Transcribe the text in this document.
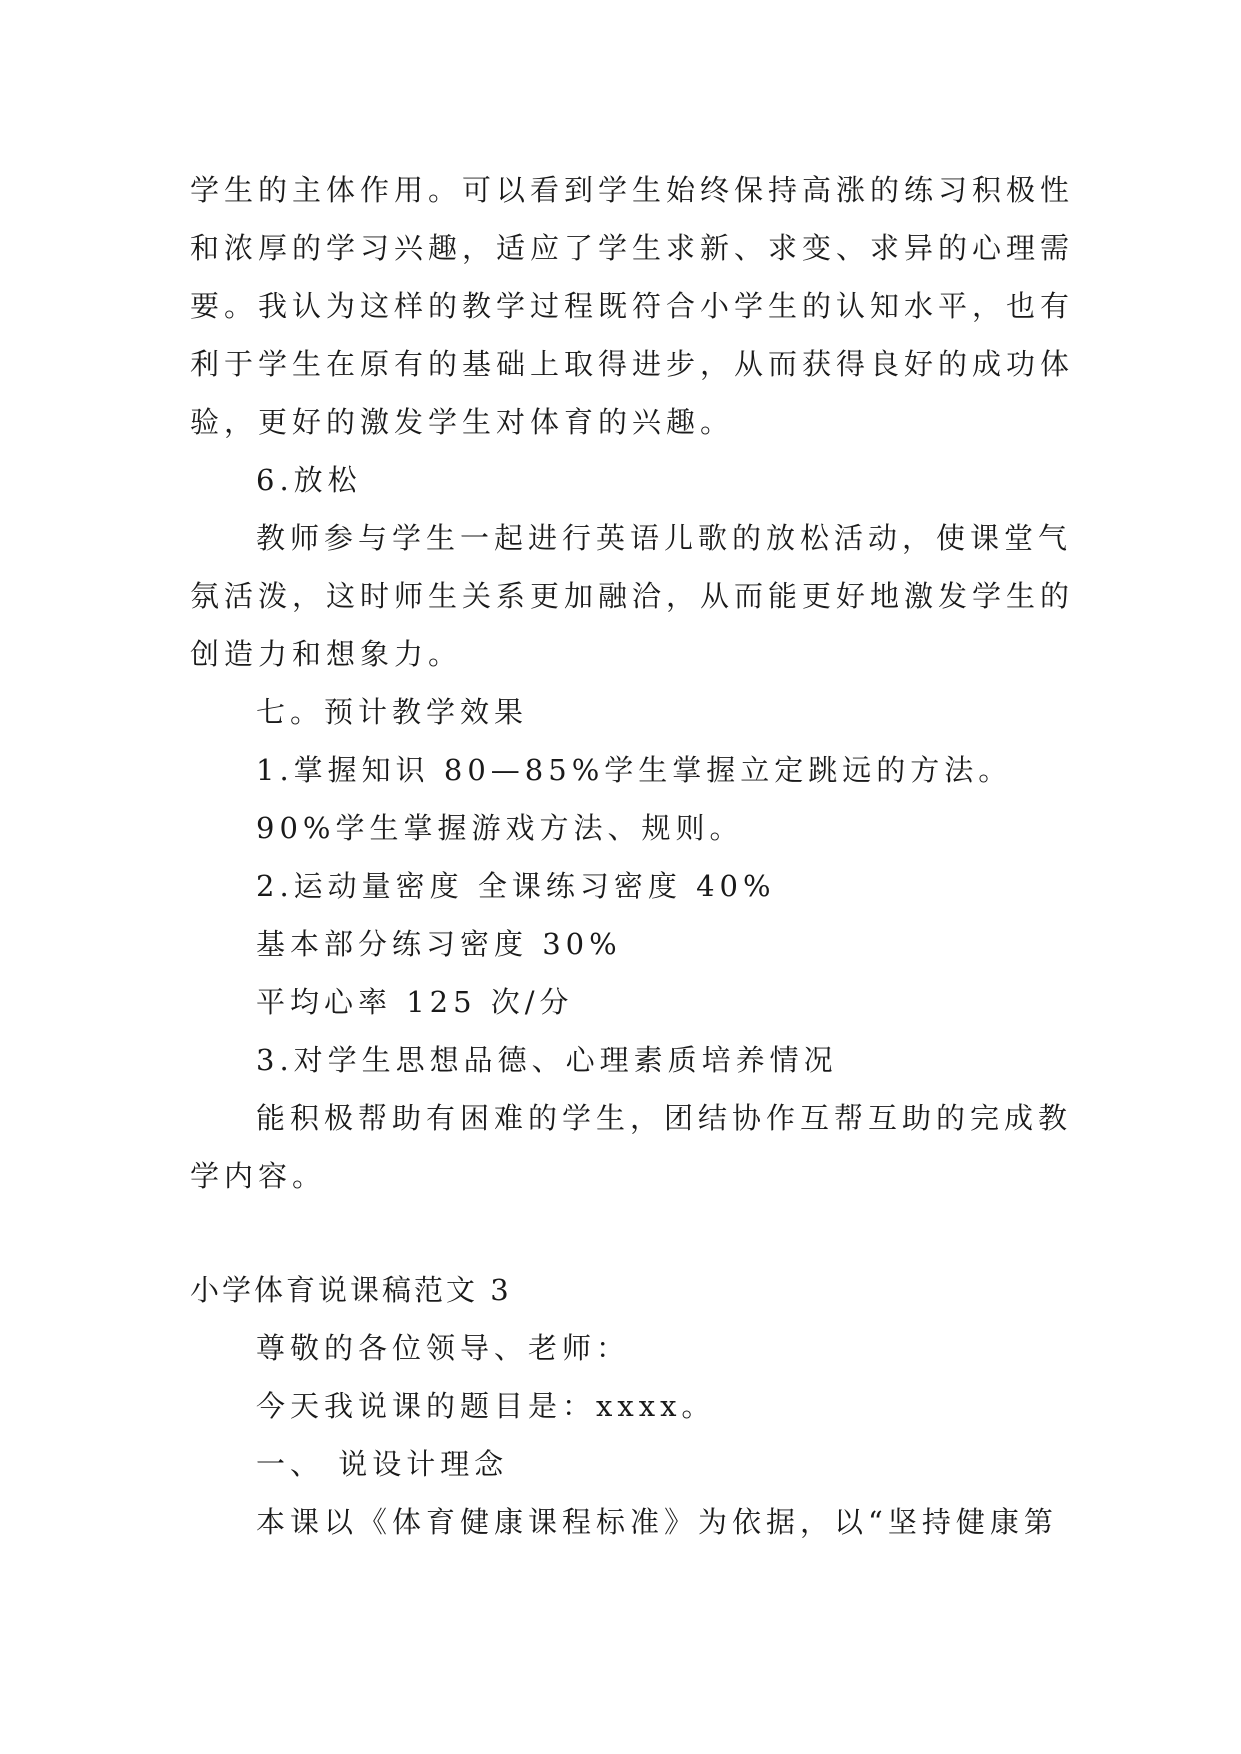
学生的主体作用。可以看到学生始终保持高涨的练习积极性
和浓厚的学习兴趣，适应了学生求新、求变、求异的心理需
要。我认为这样的教学过程既符合小学生的认知水平，也有
利于学生在原有的基础上取得进步，从而获得良好的成功体
验，更好的激发学生对体育的兴趣。
6.放松
教师参与学生一起进行英语儿歌的放松活动，使课堂气
氛活泼，这时师生关系更加融洽，从而能更好地激发学生的
创造力和想象力。
七。预计教学效果
1.掌握知识 80—85%学生掌握立定跳远的方法。
90%学生掌握游戏方法、规则。
2.运动量密度 全课练习密度 40%
基本部分练习密度 30%
平均心率 125 次/分
3.对学生思想品德、心理素质培养情况
能积极帮助有困难的学生，团结协作互帮互助的完成教
学内容。
小学体育说课稿范文 3
尊敬的各位领导、老师：
今天我说课的题目是：xxxx。
一、 说设计理念
本课以《体育健康课程标准》为依据，以“坚持健康第
